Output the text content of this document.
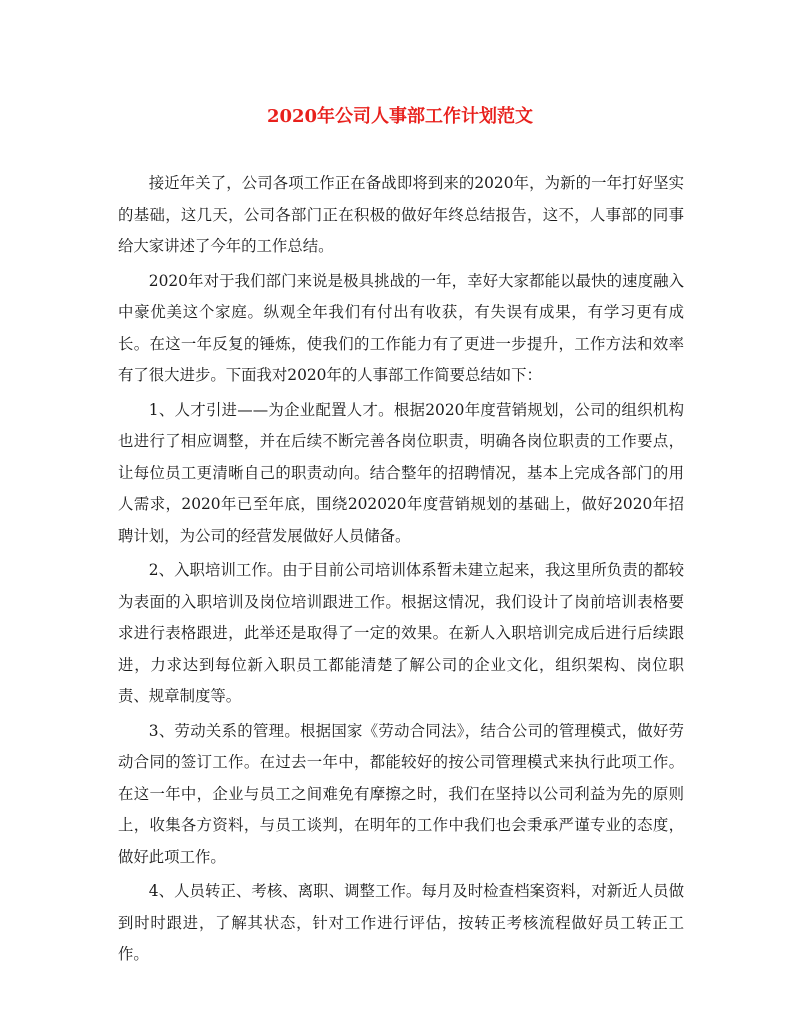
2020年公司人事部工作计划范文

接近年关了，公司各项工作正在备战即将到来的2020年，为新的一年打好坚实的基础，这几天，公司各部门正在积极的做好年终总结报告，这不，人事部的同事给大家讲述了今年的工作总结。

2020年对于我们部门来说是极具挑战的一年，幸好大家都能以最快的速度融入中豪优美这个家庭。纵观全年我们有付出有收获，有失误有成果，有学习更有成长。在这一年反复的锤炼，使我们的工作能力有了更进一步提升，工作方法和效率有了很大进步。下面我对2020年的人事部工作简要总结如下：

1、人才引进——为企业配置人才。根据2020年度营销规划，公司的组织机构也进行了相应调整，并在后续不断完善各岗位职责，明确各岗位职责的工作要点，让每位员工更清晰自己的职责动向。结合整年的招聘情况，基本上完成各部门的用人需求，2020年已至年底，围绕202020年度营销规划的基础上，做好2020年招聘计划，为公司的经营发展做好人员储备。

2、入职培训工作。由于目前公司培训体系暂未建立起来，我这里所负责的都较为表面的入职培训及岗位培训跟进工作。根据这情况，我们设计了岗前培训表格要求进行表格跟进，此举还是取得了一定的效果。在新人入职培训完成后进行后续跟进，力求达到每位新入职员工都能清楚了解公司的企业文化，组织架构、岗位职责、规章制度等。

3、劳动关系的管理。根据国家《劳动合同法》，结合公司的管理模式，做好劳动合同的签订工作。在过去一年中，都能较好的按公司管理模式来执行此项工作。在这一年中，企业与员工之间难免有摩擦之时，我们在坚持以公司利益为先的原则上，收集各方资料，与员工谈判，在明年的工作中我们也会秉承严谨专业的态度，做好此项工作。

4、人员转正、考核、离职、调整工作。每月及时检查档案资料，对新近人员做到时时跟进，了解其状态，针对工作进行评估，按转正考核流程做好员工转正工作。
